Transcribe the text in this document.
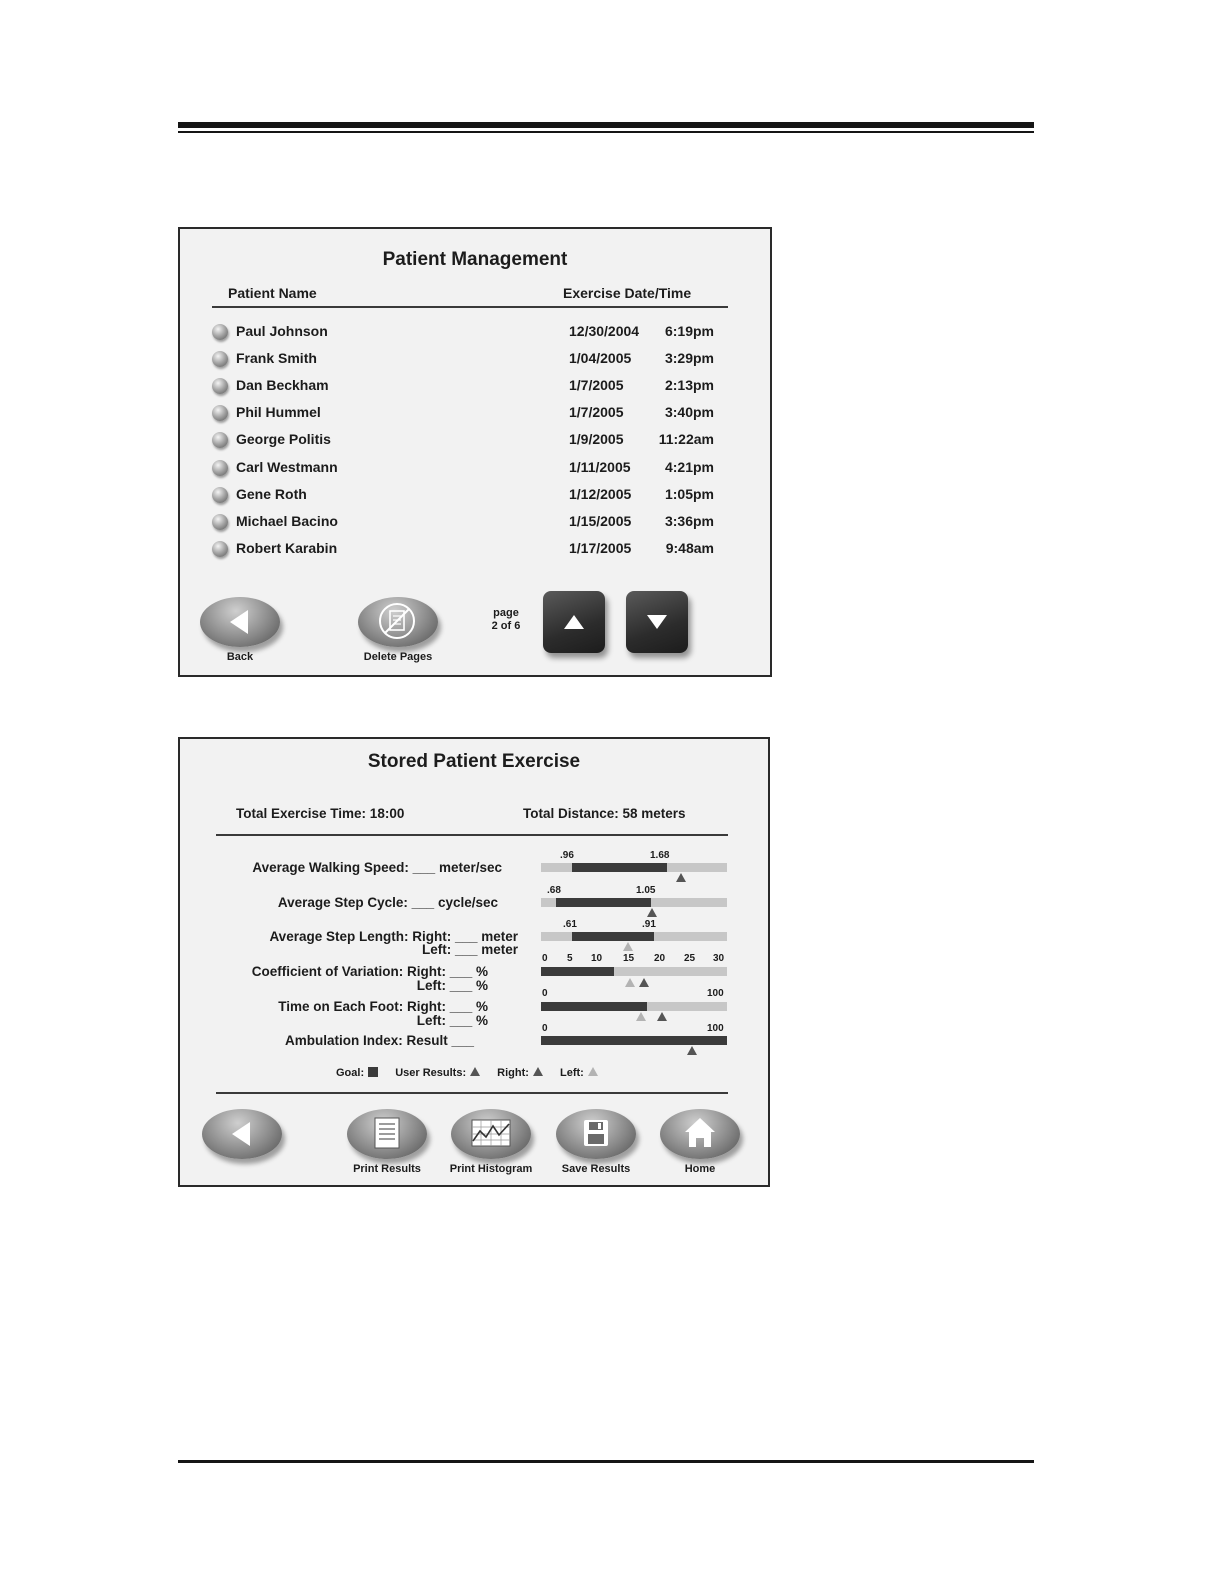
Patient Management
Patient Name	Exercise Date/Time
Paul Johnson	12/30/2004 6:19pm
Frank Smith	1/04/2005 3:29pm
Dan Beckham	1/7/2005	2:13pm
Phil Hummel	1/7/2005	3:40pm
George Politis	1/9/2005	11:22am
Carl Westmann	1/11/2005 4:21pm
Gene Roth	1/12/2005 1:05pm
Michael Bacino	1/15/2005 3:36pm
Robert Karabin	1/17/2005 9:48am
Back	Delete Pages
page
2 of 6
Stored Patient Exercise
Total Exercise Time: 18:00	Total Distance: 58 meters
Average Walking Speed: ___ meter/sec
.96	1.68
Average Step Cycle: ___ cycle/sec
.68	1.05
Average Step Length: Right: ___ meter
Left: ___ meter
.61	.91
0 5 10 15 20 25 30
Coefficient of Variation: Right: ___ %
Left: ___ %
0	100
Time on Each Foot: Right: ___ %
Left: ___ %
0	100
Ambulation Index: Result ___
Goal:	User Results:	Right:	Left:
Print Results	Print Histogram	Save Results	Home
